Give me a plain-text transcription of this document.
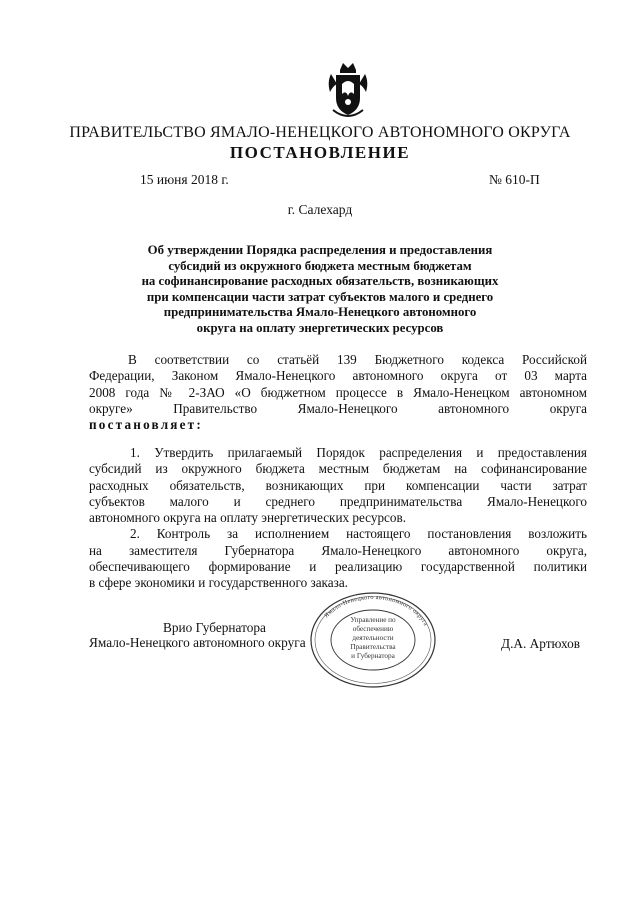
ПРАВИТЕЛЬСТВО ЯМАЛО-НЕНЕЦКОГО АВТОНОМНОГО ОКРУГА
ПОСТАНОВЛЕНИЕ
15 июня 2018 г.	№ 610-П
г. Салехард
Об утверждении Порядка распределения и предоставления
субсидий из окружного бюджета местным бюджетам
на софинансирование расходных обязательств, возникающих
при компенсации части затрат субъектов малого и среднего
предпринимательства Ямало-Ненецкого автономного
округа на оплату энергетических ресурсов
В соответствии со статьёй 139 Бюджетного кодекса Российской
Федерации, Законом Ямало-Ненецкого автономного округа от 03 марта
2008 года № 2-ЗАО «О бюджетном процессе в Ямало-Ненецком автономном
округе» Правительство Ямало-Ненецкого автономного округа
постановляет:
1. Утвердить прилагаемый Порядок распределения и предоставления
субсидий из окружного бюджета местным бюджетам на софинансирование
расходных обязательств, возникающих при компенсации части затрат
субъектов малого и среднего предпринимательства Ямало-Ненецкого
автономного округа на оплату энергетических ресурсов.
2. Контроль за исполнением настоящего постановления возложить
на заместителя Губернатора Ямало-Ненецкого автономного округа,
обеспечивающего формирование и реализацию государственной политики
в сфере экономики и государственного заказа.
Ямало-Ненецкого автономного округа
Управление по
обеспечению
деятельности
Правительства
и Губернатора
Врио Губернатора
Ямало-Ненецкого автономного округа	Д.А. Артюхов
